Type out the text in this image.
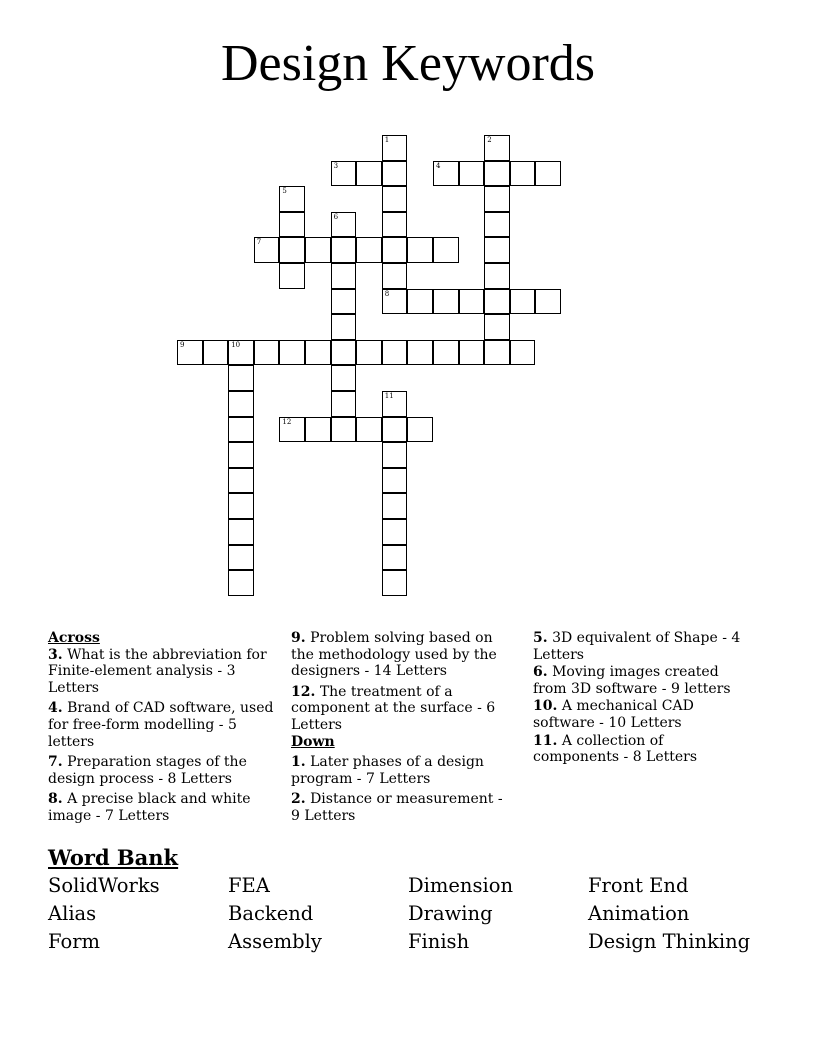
Design Keywords
3	4
7
8
9	10
12
1	2
5
6
11
Across
3. What is the abbreviation for Finite-element analysis - 3 Letters
4. Brand of CAD software, used for free-form modelling - 5 letters
7. Preparation stages of the design process - 8 Letters
8. A precise black and white image - 7 Letters
9. Problem solving based on the methodology used by the designers - 14 Letters
12. The treatment of a component at the surface - 6 Letters
Down
1. Later phases of a design program - 7 Letters
2. Distance or measurement - 9 Letters
5. 3D equivalent of Shape - 4 Letters
6. Moving images created from 3D software - 9 letters
10. A mechanical CAD software - 10 Letters
11. A collection of components - 8 Letters
Word Bank
SolidWorks	FEA	Dimension	Front End
Alias	Backend	Drawing	Animation
Form	Assembly	Finish	Design Thinking
